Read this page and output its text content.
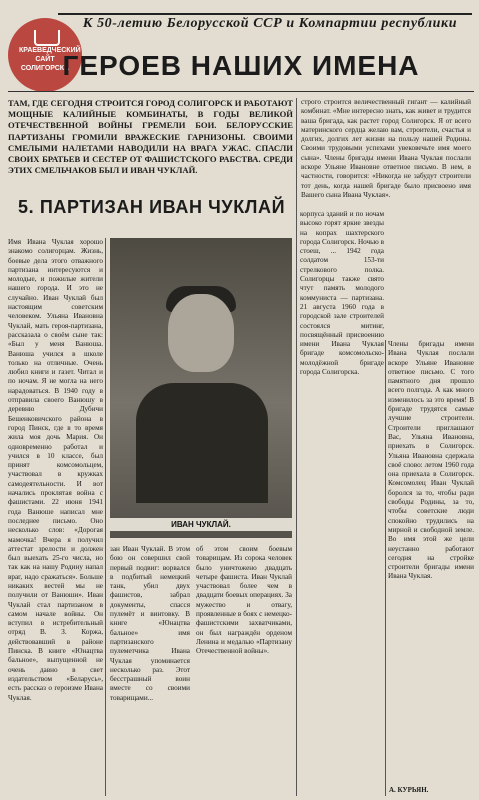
К 50-летию Белорусской ССР и Компартии республики
КРАЕВЕДЧЕСКИЙ САЙТ СОЛИГОРСКА
ГЕРОЕВ НАШИХ ИМЕНА
ТАМ, ГДЕ СЕГОДНЯ СТРОИТСЯ ГОРОД СОЛИГОРСК И РАБОТАЮТ МОЩНЫЕ КАЛИЙНЫЕ КОМБИНАТЫ, В ГОДЫ ВЕЛИКОЙ ОТЕЧЕСТВЕННОЙ ВОЙНЫ ГРЕМЕЛИ БОИ. БЕЛОРУССКИЕ ПАРТИЗАНЫ ГРОМИЛИ ВРАЖЕСКИЕ ГАРНИЗОНЫ. СВОИМИ СМЕЛЫМИ НАЛЕТАМИ НАВОДИЛИ НА ВРАГА УЖАС. СПАСЛИ СВОИХ БРАТЬЕВ И СЕСТЕР ОТ ФАШИСТСКОГО РАБСТВА. СРЕДИ ЭТИХ СМЕЛЬЧАКОВ БЫЛ И ИВАН ЧУКЛАЙ.
5. ПАРТИЗАН ИВАН ЧУКЛАЙ
строго строится величественный гигант — калийный комбинат. «Мне интересно знать, как живет и трудится ваша бригада, как растет город Солигорск. Я от всего материнского сердца желаю вам, строители, счастья и долгих, долгих лет жизни на пользу нашей Родины. Своими трудовыми успехами увековечьте имя моего сына». Члены бригады имени Ивана Чуклая послали вскоре Ульяне Ивановне ответное письмо. В нем, в частности, говорится: «Никогда не забудут строители тот день, когда нашей бригаде было присвоено имя Вашего сына Ивана Чуклая».
Имя Ивана Чуклая хорошо знакомо солигорцам. Жизнь, боевые дела этого отважного партизана интересуются и молодые, и пожилые жители нашего города. И это не случайно. Иван Чуклай был настоящим советским человеком. Ульяна Ивановна Чуклай, мать героя-партизана, рассказала о своём сыне так: «Был у меня Ванюша. Ванюша учился в школе только на отличные. Очень любил книги и газет. Читал и по ночам. Я не могла на него нарадоваться. В 1940 году в отправила своего Ванюшу в деревню Дубичи Бешенковичского района в город Пинск, где в то время жила моя дочь Мария. Он одновременно работал и учился в 10 классе, был принят комсомольцем, участвовал в кружках самодеятельности. И вот начались проклятая война с фашистами. 22 июня 1941 года Ванюше написал мне последнее письмо. Оно несколько слов: «Дорогая мамочка! Вчера я получил аттестат зрелости и должен был выехать 25-го числа, но так как на нашу Родину напал враг, надо сражаться». Больше никаких вестей мы не получили от Ванюши». Иван Чуклай стал партизаном в самом начале войны. Он вступил в истребительный отряд В. З. Коржа, действовавший в районе Пинска. В книге «Юнацтва бальное», выпущенной не очень давно в свет издательством «Беларусь», есть рассказ о героизме Ивана Чуклая.
ИВАН ЧУКЛАЙ.
зан Иван Чуклай. В этом бою он совершил свой первый подвиг: ворвался в подбитый немецкий танк, убил двух фашистов, забрал документы, спасся пулемёт и винтовку. В книге «Юнацтва бальное» имя партизанского пулеметчика Ивана Чуклая упоминается несколько раз. Этот бесстрашный воин вместе со своими товарищами...
об этом своим боевым товарищам. Из сорока человек было уничтожено двадцать четыре фашиста. Иван Чуклай участвовал более чем в двадцати боевых операциях. За мужество и отвагу, проявленные в боях с немецко-фашистскими захватчиками, он был награждён орденом Ленина и медалью «Партизану Отечественной войны».
корпуса зданий и по ночам высоко горят яркие звезды на копрах шахтерского города Солигорск. Ночью в стоеш, ... 1942 года солдатом 153-ти стрелкового полка. Солигорцы также свято чтут память молодого коммуниста — партизана. 21 августа 1960 года в городской зале строителей состоялся митинг, посвящённый присвоению имени Ивана Чуклая бригаде комсомольско-молодёжной бригаде города Солигорска.
Члены бригады имени Ивана Чуклая послали вскоре Ульяне Ивановне ответное письмо. С того памятного дня прошло всего полгода. А как много изменилось за это время! В бригаде трудятся самые лучшие строители. Строители приглашают Вас, Ульяна Ивановна, приехать в Солигорск. Ульяна Ивановна сдержала своё слово: летом 1960 года она приехала в Солигорск. Комсомолец Иван Чуклай боролся за то, чтобы ради свободы Родины, за то, чтобы советские люди спокойно трудились на мирной и свободной земле. Во имя этой же цели неустанно работают сегодня на стройке строители бригады имени Ивана Чуклая.
А. КУРЬЯН.
